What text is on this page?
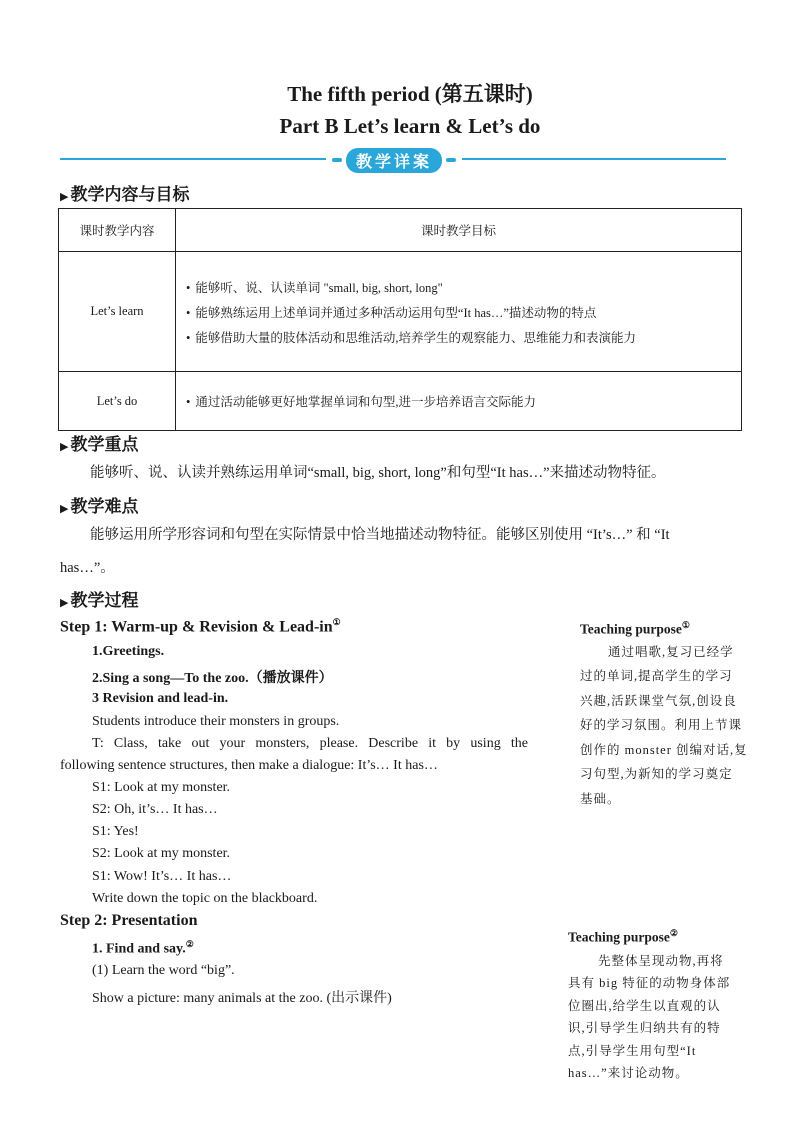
The fifth period (第五课时)
Part B Let’s learn & Let’s do
教学详案
▶ 教学内容与目标
课时教学内容	课时教学目标
Let’s learn	• 能够听、说、认读单词 "small, big, short, long"
• 能够熟练运用上述单词并通过多种活动运用句型“It has…”描述动物的特点
• 能够借助大量的肢体活动和思维活动,培养学生的观察能力、思维能力和表演能力

Let’s do	• 通过活动能够更好地掌握单词和句型,进一步培养语言交际能力
▶ 教学重点
能够听、说、认读并熟练运用单词“small, big, short, long”和句型“It has…”来描述动物特征。
▶ 教学难点
能够运用所学形容词和句型在实际情景中恰当地描述动物特征。能够区别使用 “It’s…” 和 “It
has…”。
▶ 教学过程
Step 1: Warm-up & Revision & Lead-in①
1.Greetings.
2.Sing a song—To the zoo.（播放课件）
3 Revision and lead-in.
Students introduce their monsters in groups.
T: Class, take out your monsters, please. Describe it by using the
following sentence structures, then make a dialogue: It’s… It has…
S1: Look at my monster.
S2: Oh, it’s… It has…
S1: Yes!
S2: Look at my monster.
S1: Wow! It’s… It has…
Write down the topic on the blackboard.
Step 2: Presentation
1. Find and say.②
(1) Learn the word “big”.
Show a picture: many animals at the zoo. (出示课件)
Teaching purpose①
通过唱歌,复习已经学
过的单词,提高学生的学习
兴趣,活跃课堂气氛,创设良
好的学习氛围。利用上节课
创作的 monster 创编对话,复
习句型,为新知的学习奠定
基础。
Teaching purpose②
先整体呈现动物,再将
具有 big 特征的动物身体部
位圈出,给学生以直观的认
识,引导学生归纳共有的特
点,引导学生用句型“It
has…”来讨论动物。
